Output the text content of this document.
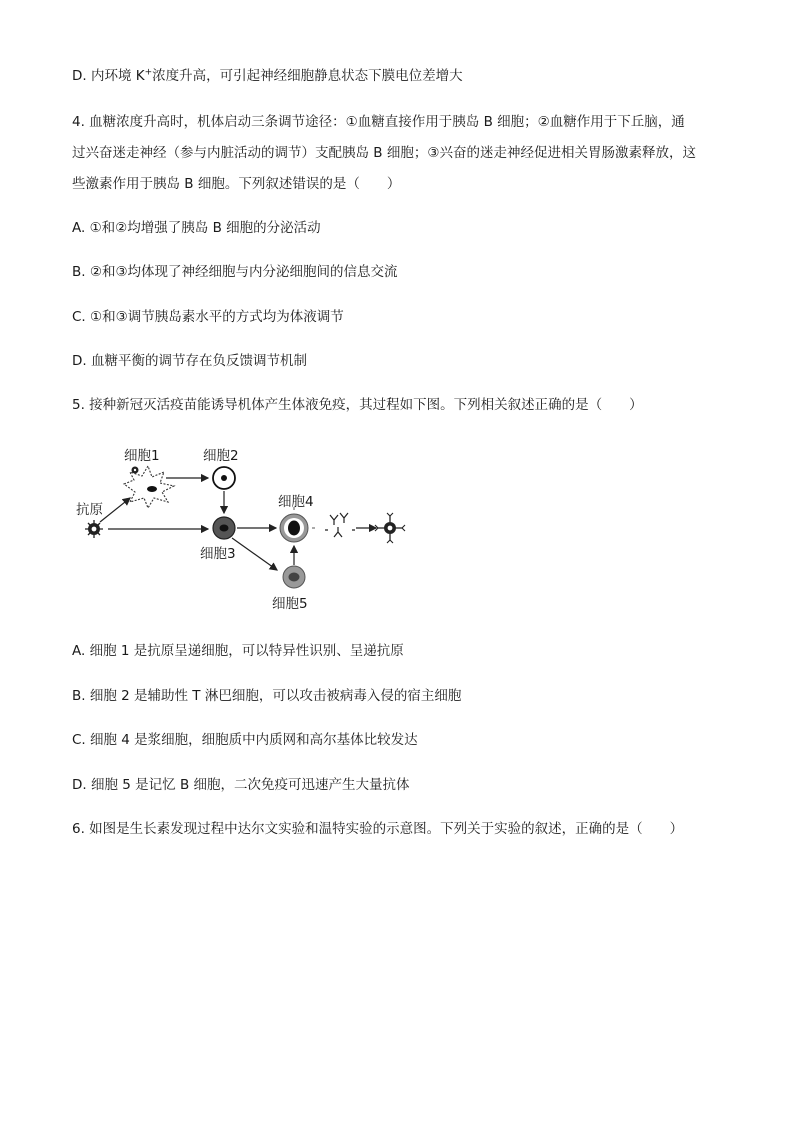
D. 内环境 K+浓度升高，可引起神经细胞静息状态下膜电位差增大
4. 血糖浓度升高时，机体启动三条调节途径：①血糖直接作用于胰岛 B 细胞；②血糖作用于下丘脑，通
过兴奋迷走神经（参与内脏活动的调节）支配胰岛 B 细胞；③兴奋的迷走神经促进相关胃肠激素释放，这
些激素作用于胰岛 B 细胞。下列叙述错误的是（　　）
A. ①和②均增强了胰岛 B 细胞的分泌活动
B. ②和③均体现了神经细胞与内分泌细胞间的信息交流
C. ①和③调节胰岛素水平的方式均为体液调节
D. 血糖平衡的调节存在负反馈调节机制
5. 接种新冠灭活疫苗能诱导机体产生体液免疫，其过程如下图。下列相关叙述正确的是（　　）
抗原
细胞1	细胞2
细胞3
细胞4
细胞5
A. 细胞 1 是抗原呈递细胞，可以特异性识别、呈递抗原
B. 细胞 2 是辅助性 T 淋巴细胞，可以攻击被病毒入侵的宿主细胞
C. 细胞 4 是浆细胞，细胞质中内质网和高尔基体比较发达
D. 细胞 5 是记忆 B 细胞，二次免疫可迅速产生大量抗体
6. 如图是生长素发现过程中达尔文实验和温特实验的示意图。下列关于实验的叙述，正确的是（　　）
